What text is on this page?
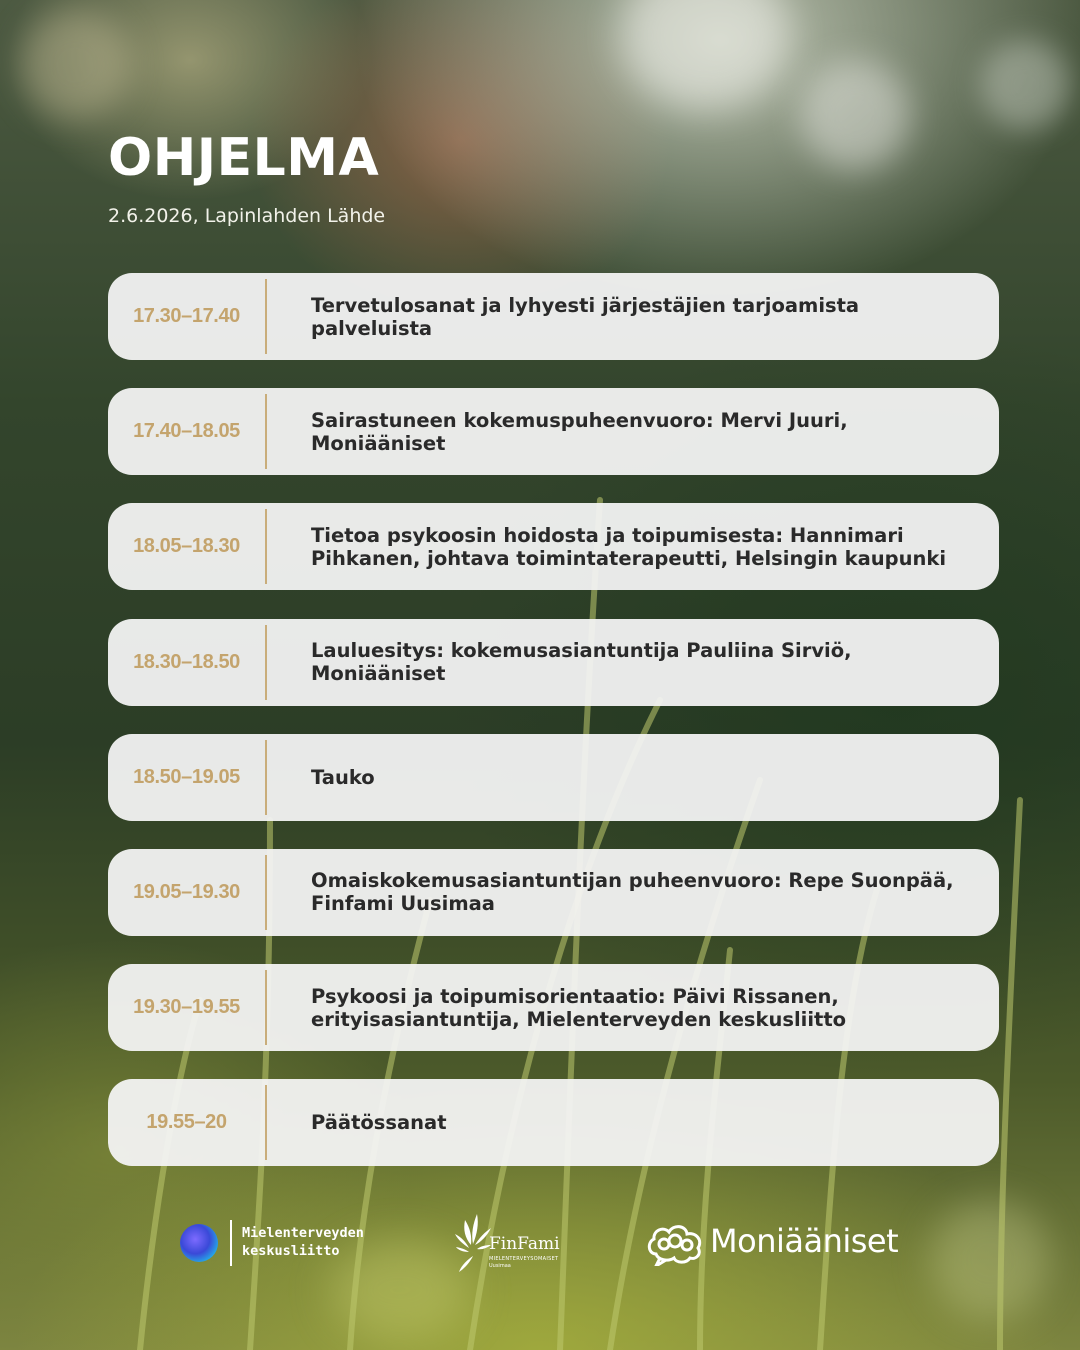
OHJELMA
2.6.2026, Lapinlahden Lähde
17.30–17.40	Tervetulosanat ja lyhyesti järjestäjien tarjoamista palveluista
17.40–18.05	Sairastuneen kokemuspuheenvuoro: Mervi Juuri, Moniääniset
18.05–18.30	Tietoa psykoosin hoidosta ja toipumisesta: Hannimari Pihkanen, johtava toimintaterapeutti, Helsingin kaupunki
18.30–18.50	Lauluesitys: kokemusasiantuntija Pauliina Sirviö, Moniääniset
18.50–19.05	Tauko
19.05–19.30	Omaiskokemusasiantuntijan puheenvuoro: Repe Suonpää, Finfami Uusimaa
19.30–19.55	Psykoosi ja toipumisorientaatio: Päivi Rissanen, erityisasiantuntija, Mielenterveyden keskusliitto
19.55–20	Päätössanat
Mielenterveyden
keskusliitto	FinFami
MIELENTERVEYSOMAISET
Uusimaa
Moniääniset
